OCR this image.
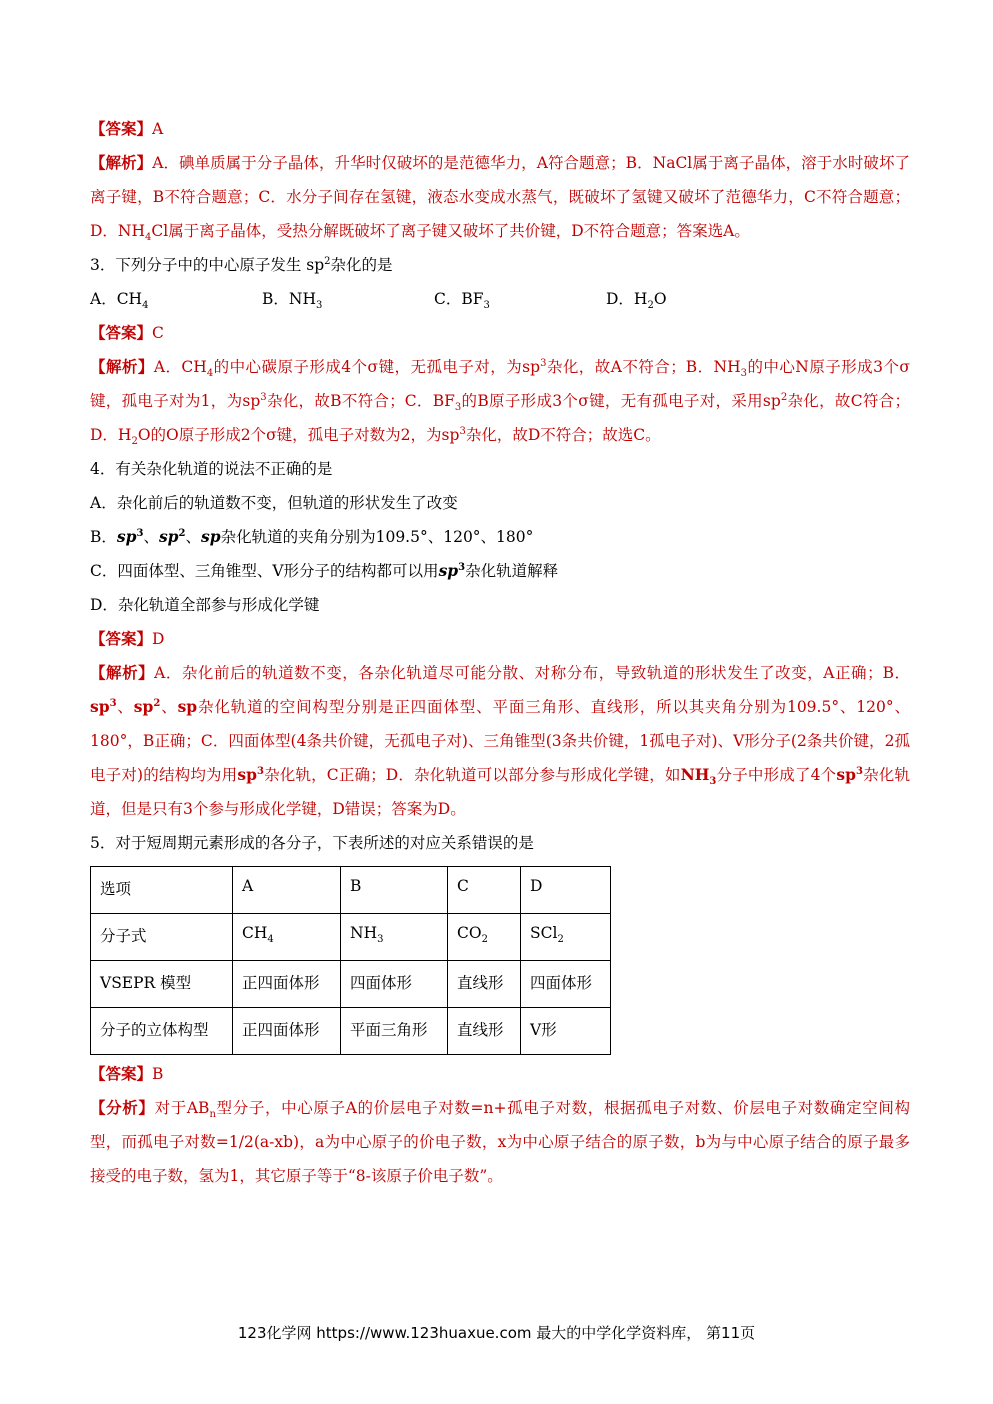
【答案】A

【解析】A．碘单质属于分子晶体，升华时仅破坏的是范德华力，A符合题意；B．NaCl属于离子晶体，溶于水时破坏了离子键，B不符合题意；C．水分子间存在氢键，液态水变成水蒸气，既破坏了氢键又破坏了范德华力，C不符合题意；D．$NH_4Cl$属于离子晶体，受热分解既破坏了离子键又破坏了共价键，D不符合题意；答案选A。

3．下列分子中的中心原子发生 $sp^2$杂化的是

A．$CH_4$	B．$NH_3$	C．$BF_3$	D．$H_2O$

【答案】C

【解析】A．$CH_4$的中心碳原子形成4个σ键，无孤电子对，为$sp^3$杂化，故A不符合；B．$NH_3$的中心N原子形成3个σ键，孤电子对为1，为$sp^3$杂化，故B不符合；C．$BF_3$的B原子形成3个σ键，无有孤电子对，采用$sp^2$杂化，故C符合；D．$H_2O$的O原子形成2个σ键，孤电子对数为2，为$sp^3$杂化，故D不符合；故选C。

4．有关杂化轨道的说法不正确的是

A．杂化前后的轨道数不变，但轨道的形状发生了改变

B．$sp^3$、$sp^2$、sp杂化轨道的夹角分别为109.5°、120°、180°

C．四面体型、三角锥型、V形分子的结构都可以用$sp^3$杂化轨道解释

D．杂化轨道全部参与形成化学键

【答案】D

【解析】A．杂化前后的轨道数不变，各杂化轨道尽可能分散、对称分布，导致轨道的形状发生了改变，A正确；B．$sp^3$、$sp^2$、sp杂化轨道的空间构型分别是正四面体型、平面三角形、直线形，所以其夹角分别为109.5°、120°、180°，B正确；C．四面体型(4条共价键，无孤电子对)、三角锥型(3条共价键，1孤电子对)、V形分子(2条共价键，2孤电子对)的结构均为用$sp^3$杂化轨，C正确；D．杂化轨道可以部分参与形成化学键，如$NH_3$分子中形成了4个$sp^3$杂化轨道，但是只有3个参与形成化学键，D错误；答案为D。

5．对于短周期元素形成的各分子，下表所述的对应关系错误的是

选项	A	B	C	D
分子式	$CH_4$	$NH_3$	$CO_2$	SCl$_2$
VSEPR 模型	正四面体形	四面体形	直线形	四面体形
分子的立体构型	正四面体形	平面三角形	直线形	V形

【答案】B

【分析】对于$AB_n$型分子，中心原子A的价层电子对数=n+孤电子对数，根据孤电子对数、价层电子对数确定空间构型，而孤电子对数=1/2(a-xb)，a为中心原子的价电子数，x为中心原子结合的原子数，b为与中心原子结合的原子最多接受的电子数，氢为1，其它原子等于“8-该原子价电子数”。

123化学网 https://www.123huaxue.com 最大的中学化学资料库， 第11页
